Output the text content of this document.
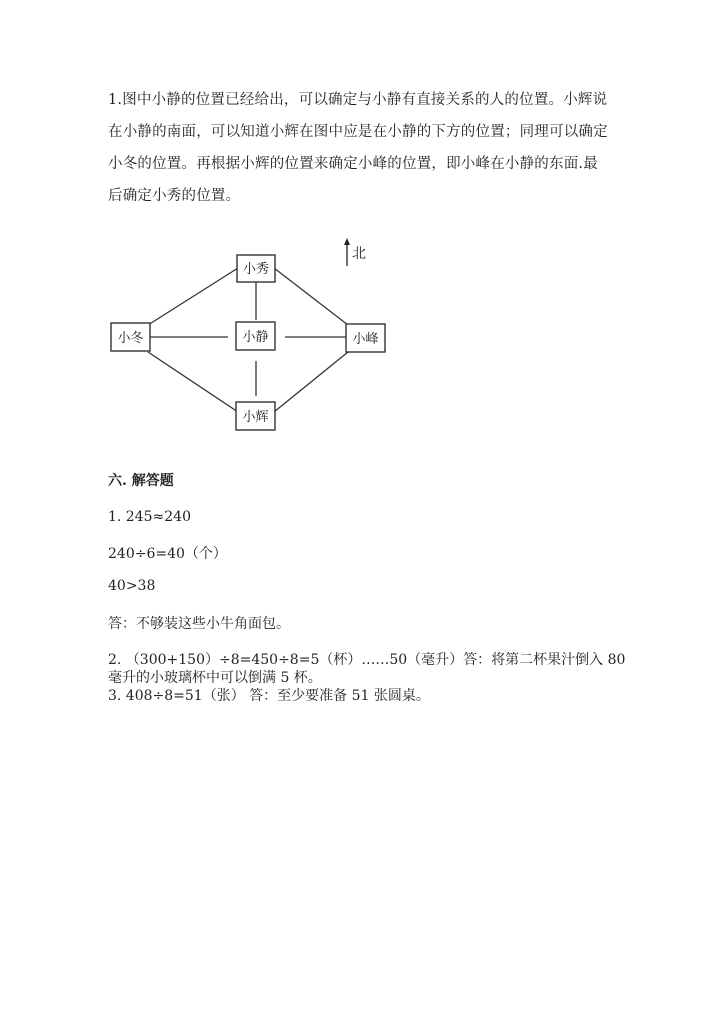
1.图中小静的位置已经给出，可以确定与小静有直接关系的人的位置。小辉说在小静的南面，可以知道小辉在图中应是在小静的下方的位置；同理可以确定小冬的位置。再根据小辉的位置来确定小峰的位置，即小峰在小静的东面.最后确定小秀的位置。
小秀
小冬	小静	小峰
小辉
北
六. 解答题
1. 245≈240
240÷6=40（个）
40>38
答：不够装这些小牛角面包。
2. （300+150）÷8=450÷8=5（杯）……50（毫升）答：将第二杯果汁倒入 80
毫升的小玻璃杯中可以倒满 5 杯。
3. 408÷8=51（张） 答：至少要准备 51 张圆桌。
